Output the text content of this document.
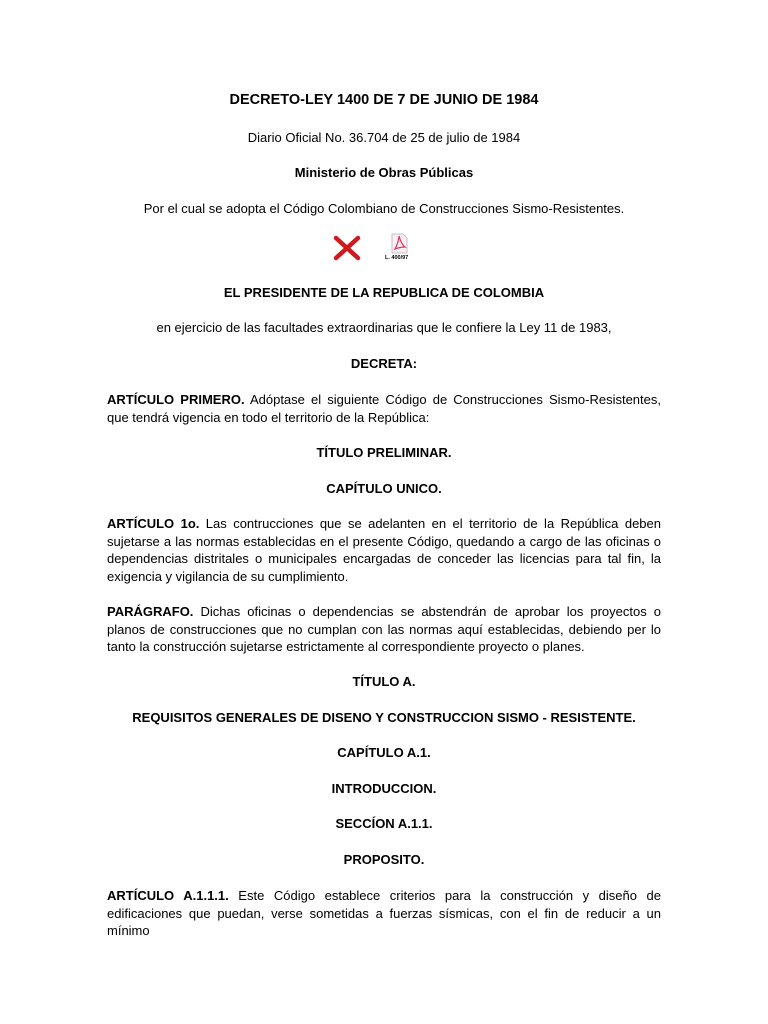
DECRETO-LEY 1400 DE 7 DE JUNIO DE 1984
Diario Oficial No. 36.704 de 25 de julio de 1984
Ministerio de Obras Públicas
Por el cual se adopta el Código Colombiano de Construcciones Sismo-Resistentes.
L. 400/97
EL PRESIDENTE DE LA REPUBLICA DE COLOMBIA
en ejercicio de las facultades extraordinarias que le confiere la Ley 11 de 1983,
DECRETA:
ARTÍCULO PRIMERO. Adóptase el siguiente Código de Construcciones Sismo-Resistentes, que tendrá vigencia en todo el territorio de la República:
TÍTULO PRELIMINAR.
CAPÍTULO UNICO.
ARTÍCULO 1o. Las contrucciones que se adelanten en el territorio de la República deben sujetarse a las normas establecidas en el presente Código, quedando a cargo de las oficinas o dependencias distritales o municipales encargadas de conceder las licencias para tal fin, la exigencia y vigilancia de su cumplimiento.
PARÁGRAFO. Dichas oficinas o dependencias se abstendrán de aprobar los proyectos o planos de construcciones que no cumplan con las normas aquí establecidas, debiendo per lo tanto la construcción sujetarse estrictamente al correspondiente proyecto o planes.
TÍTULO A.
REQUISITOS GENERALES DE DISENO Y CONSTRUCCION SISMO - RESISTENTE.
CAPÍTULO A.1.
INTRODUCCION.
SECCÍON A.1.1.
PROPOSITO.
ARTÍCULO A.1.1.1. Este Código establece criterios para la construcción y diseño de edificaciones que puedan, verse sometidas a fuerzas sísmicas, con el fin de reducir a un mínimo
